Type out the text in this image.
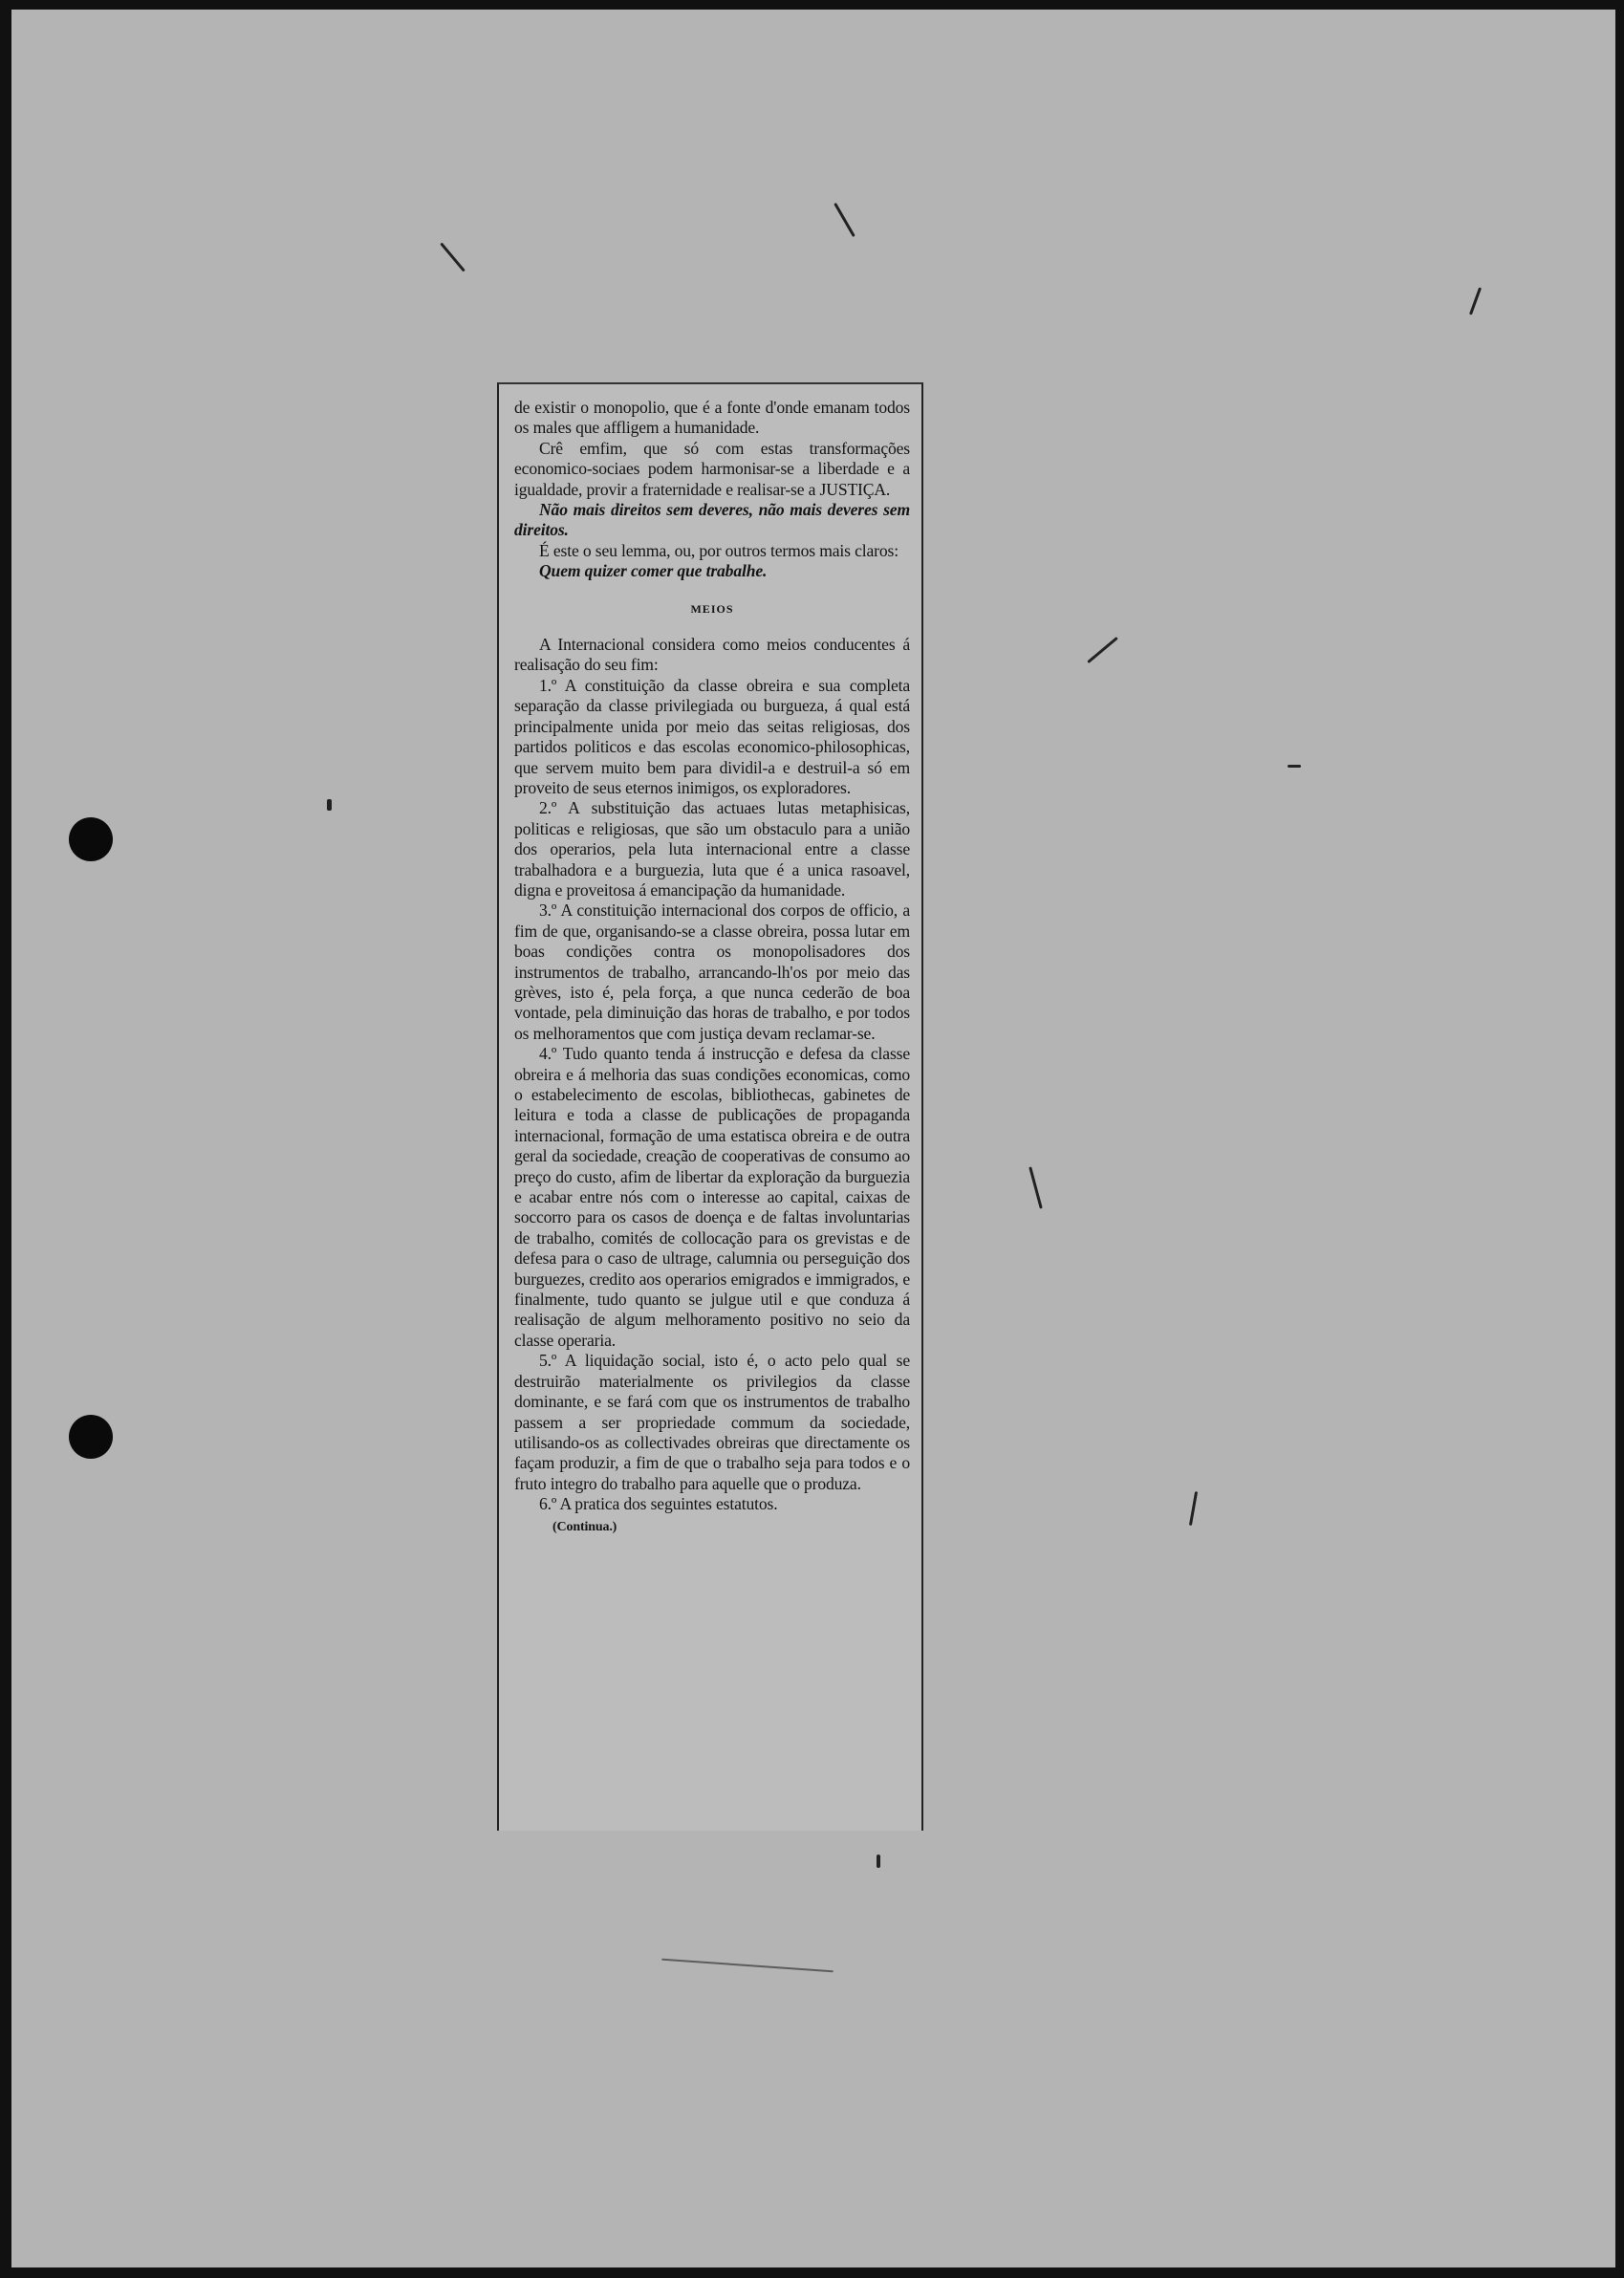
de existir o monopolio, que é a fonte d'onde emanam todos os males que affligem a humanidade.

Crê emfim, que só com estas transformações economico-sociaes podem harmonisar-se a liberdade e a igualdade, provir a fraternidade e realisar-se a JUSTIÇA.

Não mais direitos sem deveres, não mais deveres sem direitos.

É este o seu lemma, ou, por outros termos mais claros:

Quem quizer comer que trabalhe.

MEIOS

A Internacional considera como meios conducentes á realisação do seu fim:

1.º A constituição da classe obreira e sua completa separação da classe privilegiada ou burgueza, á qual está principalmente unida por meio das seitas religiosas, dos partidos politicos e das escolas economico-philosophicas, que servem muito bem para dividil-a e destruil-a só em proveito de seus eternos inimigos, os exploradores.

2.º A substituição das actuaes lutas metaphisicas, politicas e religiosas, que são um obstaculo para a união dos operarios, pela luta internacional entre a classe trabalhadora e a burguezia, luta que é a unica rasoavel, digna e proveitosa á emancipação da humanidade.

3.º A constituição internacional dos corpos de officio, a fim de que, organisando-se a classe obreira, possa lutar em boas condições contra os monopolisadores dos instrumentos de trabalho, arrancando-lh'os por meio das grèves, isto é, pela força, a que nunca cederão de boa vontade, pela diminuição das horas de trabalho, e por todos os melhoramentos que com justiça devam reclamar-se.

4.º Tudo quanto tenda á instrucção e defesa da classe obreira e á melhoria das suas condições economicas, como o estabelecimento de escolas, bibliothecas, gabinetes de leitura e toda a classe de publicações de propaganda internacional, formação de uma estatisca obreira e de outra geral da sociedade, creação de cooperativas de consumo ao preço do custo, afim de libertar da exploração da burguezia e acabar entre nós com o interesse ao capital, caixas de soccorro para os casos de doença e de faltas involuntarias de trabalho, comités de collocação para os grevistas e de defesa para o caso de ultrage, calumnia ou perseguição dos burguezes, credito aos operarios emigrados e immigrados, e finalmente, tudo quanto se julgue util e que conduza á realisação de algum melhoramento positivo no seio da classe operaria.

5.º A liquidação social, isto é, o acto pelo qual se destruirão materialmente os privilegios da classe dominante, e se fará com que os instrumentos de trabalho passem a ser propriedade commum da sociedade, utilisando-os as collectivades obreiras que directamente os façam produzir, a fim de que o trabalho seja para todos e o fruto integro do trabalho para aquelle que o produza.

6.º A pratica dos seguintes estatutos.

(Continua.)
